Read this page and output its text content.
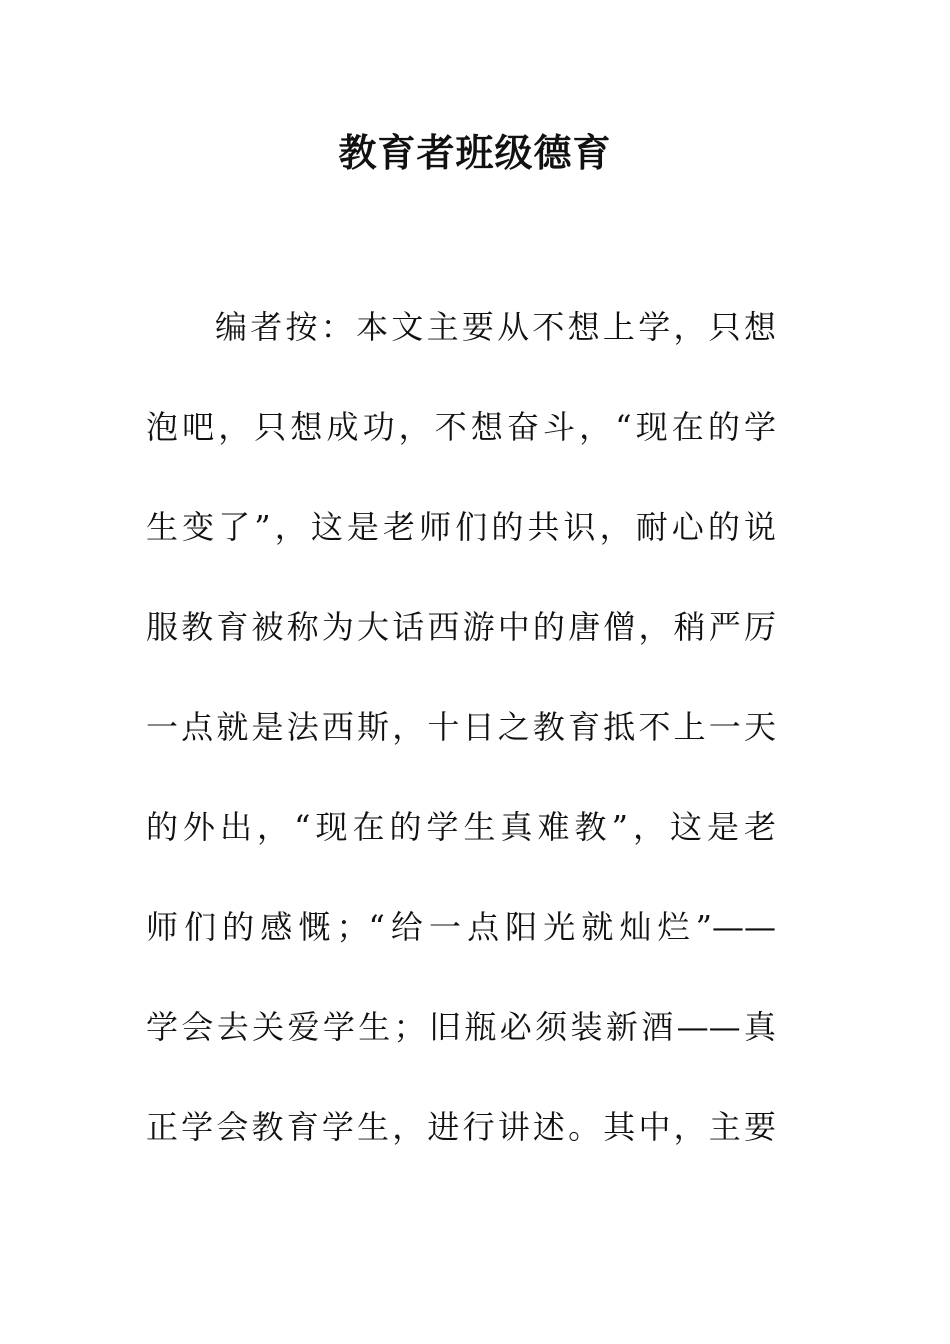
教育者班级德育
编者按：本文主要从不想上学，只想
泡吧，只想成功，不想奋斗，“现在的学
生变了”，这是老师们的共识，耐心的说
服教育被称为大话西游中的唐僧，稍严厉
一点就是法西斯，十日之教育抵不上一天
的外出，“现在的学生真难教”，这是老
师们的感慨；“给一点阳光就灿烂”——
学会去关爱学生；旧瓶必须装新酒——真
正学会教育学生，进行讲述。其中，主要
